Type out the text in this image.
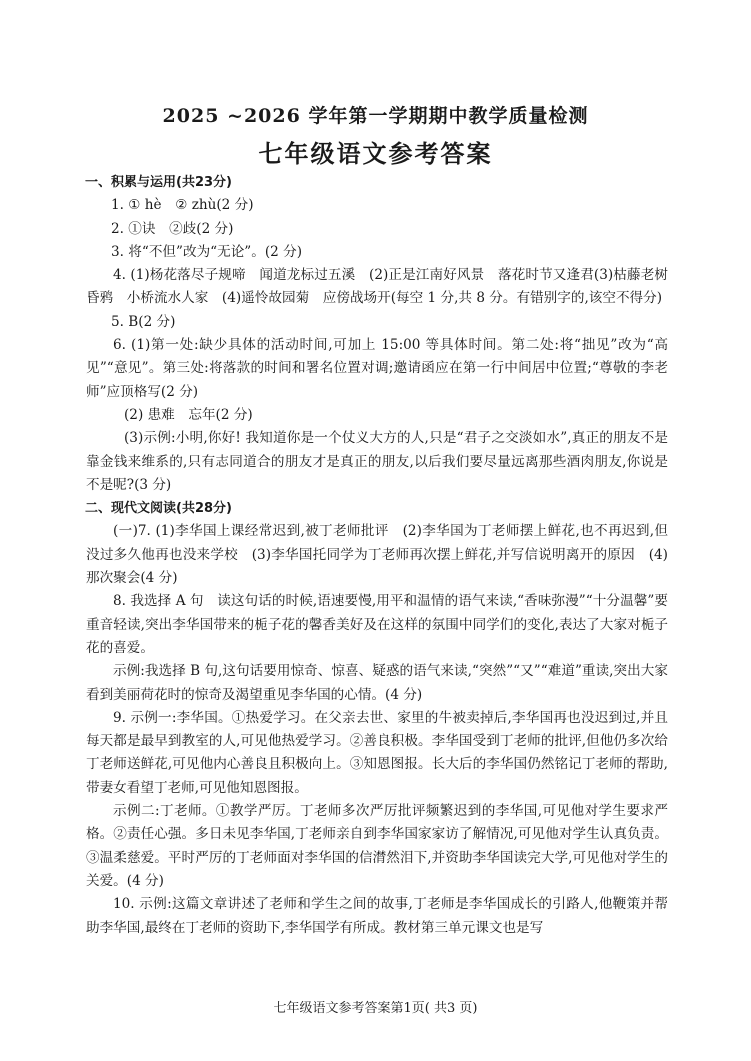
2025 ~2026 学年第一学期期中教学质量检测
七年级语文参考答案

一、积累与运用(共23分)

1. ① hè　② zhù(2 分)

2. ①诀　②歧(2 分)

3. 将“不但”改为“无论”。(2 分)

4. (1)杨花落尽子规啼　闻道龙标过五溪　(2)正是江南好风景　落花时节又逢君(3)枯藤老树昏鸦　小桥流水人家　(4)遥怜故园菊　应傍战场开(每空 1 分,共 8 分。有错别字的,该空不得分)

5. B(2 分)

6. (1)第一处:缺少具体的活动时间,可加上 15:00 等具体时间。第二处:将“拙见”改为“高见”“意见”。第三处:将落款的时间和署名位置对调;邀请函应在第一行中间居中位置;“尊敬的李老师”应顶格写(2 分)

(2) 患难　忘年(2 分)

(3)示例:小明,你好! 我知道你是一个仗义大方的人,只是“君子之交淡如水”,真正的朋友不是靠金钱来维系的,只有志同道合的朋友才是真正的朋友,以后我们要尽量远离那些酒肉朋友,你说是不是呢?(3 分)

二、现代文阅读(共28分)

(一)7. (1)李华国上课经常迟到,被丁老师批评　(2)李华国为丁老师摆上鲜花,也不再迟到,但没过多久他再也没来学校　(3)李华国托同学为丁老师再次摆上鲜花,并写信说明离开的原因　(4)那次聚会(4 分)

8. 我选择 A 句　读这句话的时候,语速要慢,用平和温情的语气来读,“香味弥漫”“十分温馨”要重音轻读,突出李华国带来的栀子花的馨香美好及在这样的氛围中同学们的变化,表达了大家对栀子花的喜爱。

示例:我选择 B 句,这句话要用惊奇、惊喜、疑惑的语气来读,“突然”“又”“难道”重读,突出大家看到美丽荷花时的惊奇及渴望重见李华国的心情。(4 分)

9. 示例一:李华国。①热爱学习。在父亲去世、家里的牛被卖掉后,李华国再也没迟到过,并且每天都是最早到教室的人,可见他热爱学习。②善良积极。李华国受到丁老师的批评,但他仍多次给丁老师送鲜花,可见他内心善良且积极向上。③知恩图报。长大后的李华国仍然铭记丁老师的帮助,带妻女看望丁老师,可见他知恩图报。

示例二:丁老师。①教学严厉。丁老师多次严厉批评频繁迟到的李华国,可见他对学生要求严格。②责任心强。多日未见李华国,丁老师亲自到李华国家家访了解情况,可见他对学生认真负责。③温柔慈爱。平时严厉的丁老师面对李华国的信潸然泪下,并资助李华国读完大学,可见他对学生的关爱。(4 分)

10. 示例:这篇文章讲述了老师和学生之间的故事,丁老师是李华国成长的引路人,他鞭策并帮助李华国,最终在丁老师的资助下,李华国学有所成。教材第三单元课文也是写

七年级语文参考答案第1页( 共3 页)
